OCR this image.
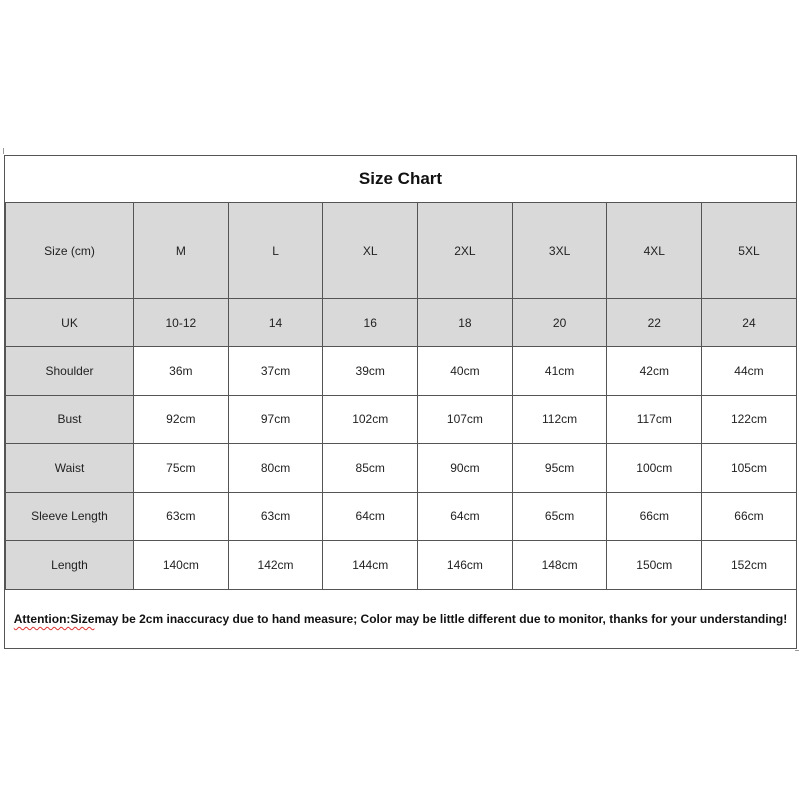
Size Chart
Size (cm)	M	L	XL	2XL	3XL	4XL	5XL
UK	10-12	14	16	18	20	22	24
Shoulder	36m	37cm	39cm	40cm	41cm	42cm	44cm
Bust	92cm	97cm	102cm	107cm	112cm	117cm	122cm
Waist	75cm	80cm	85cm	90cm	95cm	100cm	105cm
Sleeve Length	63cm	63cm	64cm	64cm	65cm	66cm	66cm
Length	140cm	142cm	144cm	146cm	148cm	150cm	152cm
Attention:Size may be 2cm inaccuracy due to hand measure; Color may be little different due to monitor, thanks for your understanding!
